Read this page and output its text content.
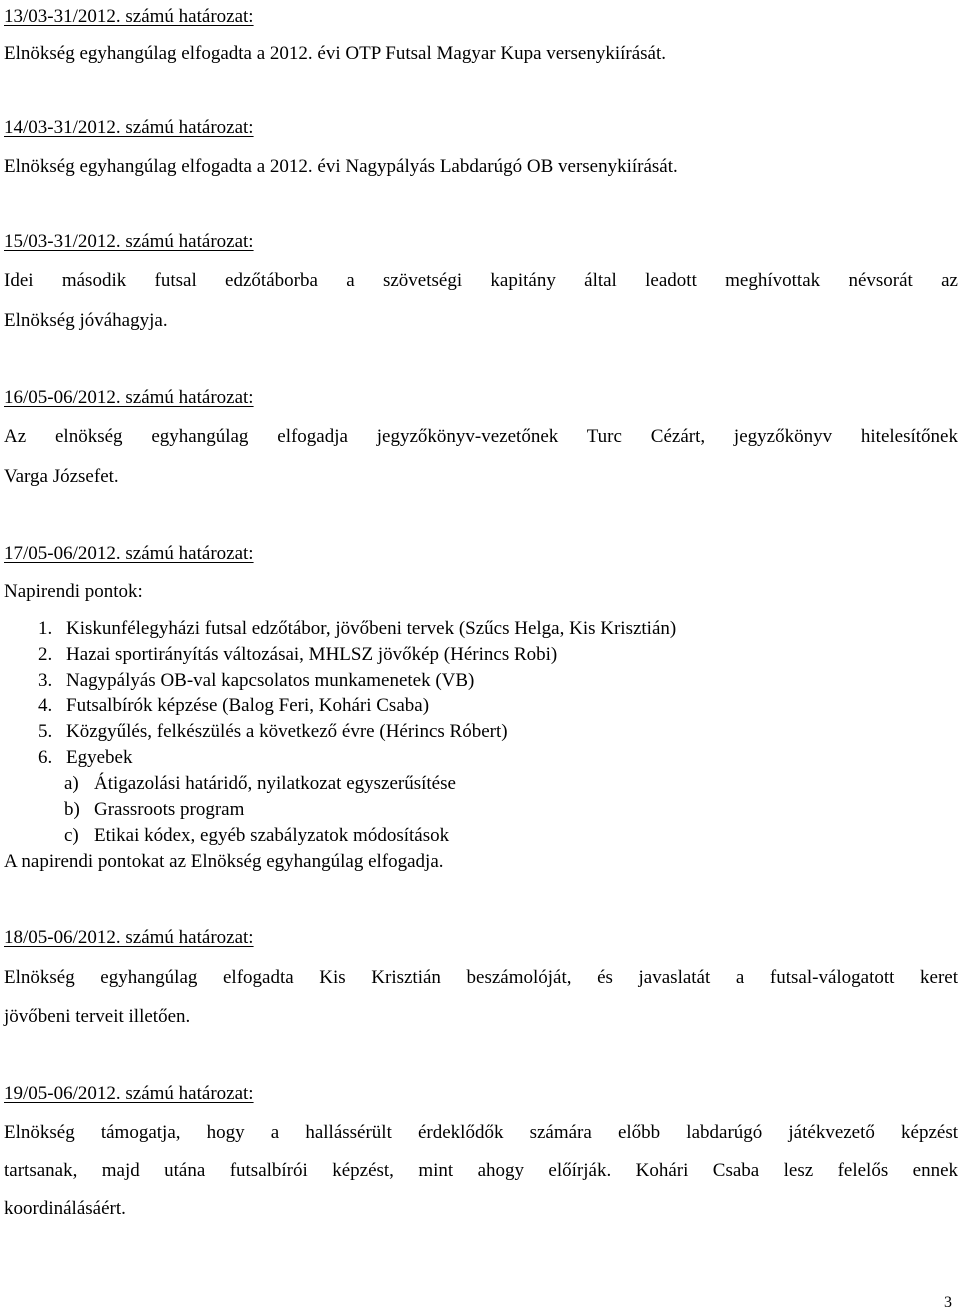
13/03-31/2012. számú határozat:
Elnökség egyhangúlag elfogadta a 2012. évi OTP Futsal Magyar Kupa versenykiírását.
14/03-31/2012. számú határozat:
Elnökség egyhangúlag elfogadta a 2012. évi Nagypályás Labdarúgó OB versenykiírását.
15/03-31/2012. számú határozat:
Idei második futsal edzőtáborba a szövetségi kapitány által leadott meghívottak névsorát az
Elnökség jóváhagyja.
16/05-06/2012. számú határozat:
Az elnökség egyhangúlag elfogadja jegyzőkönyv-vezetőnek Turc Cézárt, jegyzőkönyv hitelesítőnek
Varga Józsefet.
17/05-06/2012. számú határozat:
Napirendi pontok:
1. Kiskunfélegyházi futsal edzőtábor, jövőbeni tervek (Szűcs Helga, Kis Krisztián)
2. Hazai sportirányítás változásai, MHLSZ jövőkép (Hérincs Robi)
3. Nagypályás OB-val kapcsolatos munkamenetek (VB)
4. Futsalbírók képzése (Balog Feri, Kohári Csaba)
5. Közgyűlés, felkészülés a következő évre (Hérincs Róbert)
6. Egyebek
a) Átigazolási határidő, nyilatkozat egyszerűsítése
b) Grassroots program
c) Etikai kódex, egyéb szabályzatok módosítások
A napirendi pontokat az Elnökség egyhangúlag elfogadja.
18/05-06/2012. számú határozat:
Elnökség egyhangúlag elfogadta Kis Krisztián beszámolóját, és javaslatát a futsal-válogatott keret
jövőbeni terveit illetően.
19/05-06/2012. számú határozat:
Elnökség támogatja, hogy a hallássérült érdeklődők számára előbb labdarúgó játékvezető képzést
tartsanak, majd utána futsalbírói képzést, mint ahogy előírják. Kohári Csaba lesz felelős ennek
koordinálásáért.
3
